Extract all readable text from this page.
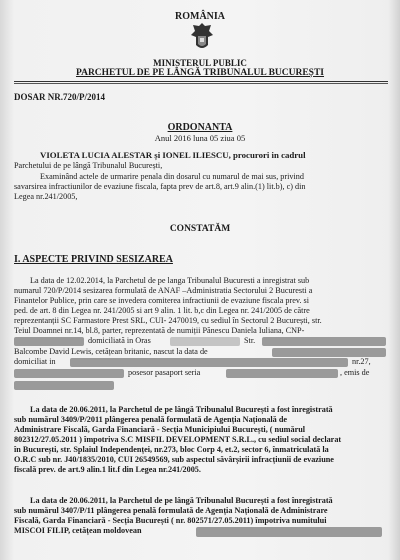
ROMÂNIA
MINISTERUL PUBLIC
PARCHETUL DE PE LÂNGĂ TRIBUNALUL BUCUREȘTI
DOSAR NR.720/P/2014
ORDONANTA
Anul 2016 luna 05 ziua 05
VIOLETA LUCIA ALESTAR și IONEL ILIESCU, procurori in cadrul
Parchetului de pe lângă Tribunalul București,
Examinând actele de urmarire penala din dosarul cu numarul de mai sus, privind
savarsirea infractiunilor de evaziune fiscala, fapta prev de art.8, art.9 alin.(1) lit.b), c) din
Legea nr.241/2005,
CONSTATĂM
I. ASPECTE PRIVIND SESIZAREA
La data de 12.02.2014, la Parchetul de pe langa Tribunalul Bucuresti a inregistrat sub
numarul 720/P/2014 sesizarea formulată de ANAF –Administratia Sectorului 2 Bucuresti a
Finantelor Publice, prin care se invedera comiterea infractiunii de evaziune fiscala prev. si
ped. de art. 8 din Legea nr. 241/2005 si art 9 alin. 1 lit. b,c din Legea nr. 241/2005 de către
reprezentanții SC Farmastore Prest SRL, CUI- 2470019, cu sediul în Sectorul 2 București, str.
Teiul Doamnei nr.14, bl.8, parter, reprezentată de numiții Pănescu Daniela Iuliana, CNP-
domiciliată in Oras	Str.
Balcombe David Lewis, cetățean britanic, nascut la data de
domiciliat in	nr.27,
posesor pasaport seria	, emis de
La data de 20.06.2011, la Parchetul de pe lângă Tribunalul București a fost înregistrată
sub numărul 3409/P/2011 plângerea penală formulată de Agenția Națională de
Administrare Fiscală, Garda Financiară - Secția Municipiului București, ( numărul
802312/27.05.2011 ) împotriva S.C MISFIL DEVELOPMENT S.R.L., cu sediul social declarat
în București, str. Splaiul Independenței, nr.273, bloc Corp 4, et.2, sector 6, înmatriculată la
O.R.C sub nr. J40/1835/2010, CUI 26549569, sub aspectul săvârșirii infracțiunii de evaziune
fiscală prev. de art.9 alin.1 lit.f din Legea nr.241/2005.
La data de 20.06.2011, la Parchetul de pe lângă Tribunalul București a fost înregistrată
sub numărul 3407/P/11 plângerea penală formulată de Agenția Națională de Administrare
Fiscală, Garda Financiară - Secția București ( nr. 802571/27.05.2011) împotriva numitului
MISCOI FILIP, cetățean moldovean
